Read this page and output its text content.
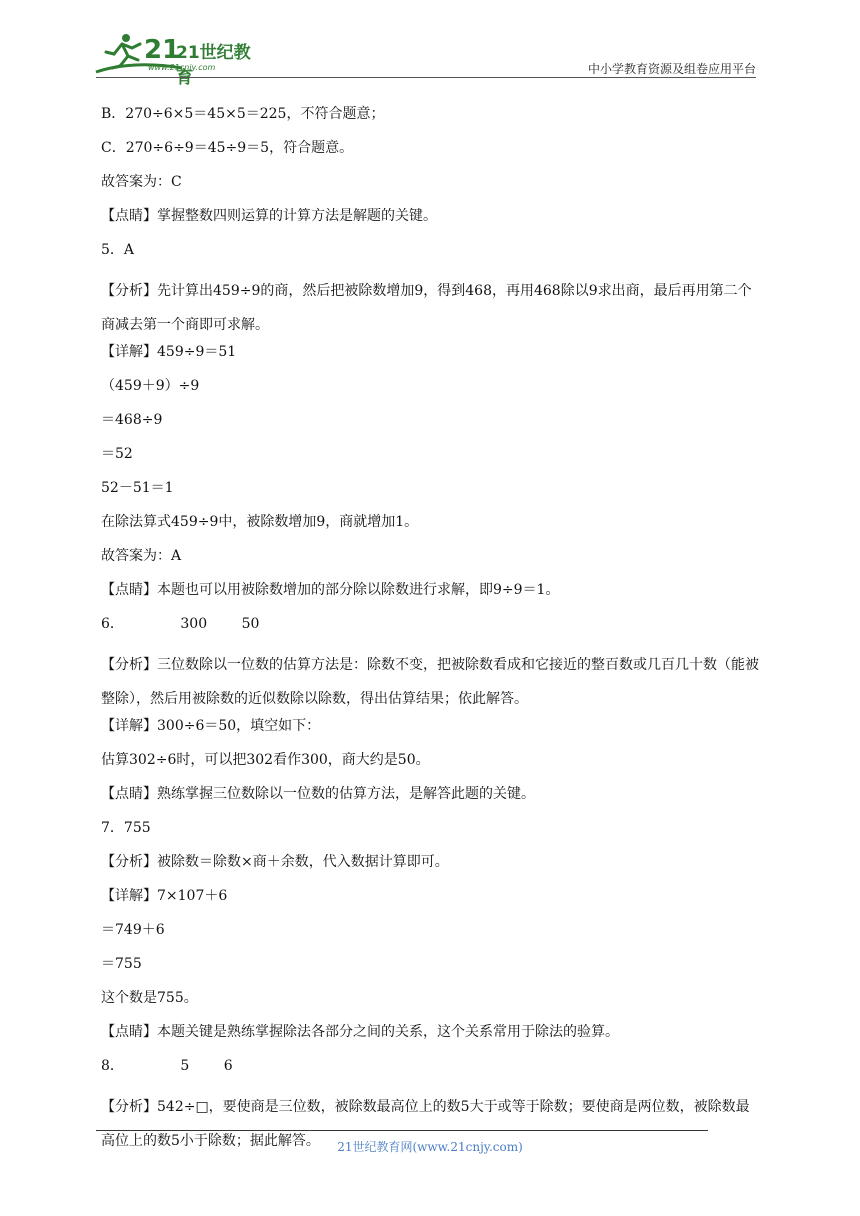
21
21世纪教育
www.21cnjy.com	中小学教育资源及组卷应用平台
B．270÷6×5＝45×5＝225，不符合题意；
C．270÷6÷9＝45÷9＝5，符合题意。
故答案为：C
【点睛】掌握整数四则运算的计算方法是解题的关键。
5．A
【分析】先计算出459÷9的商，然后把被除数增加9，得到468，再用468除以9求出商，最后再用第二个商减去第一个商即可求解。
【详解】459÷9＝51
（459＋9）÷9
＝468÷9
＝52
52－51＝1
在除法算式459÷9中，被除数增加9，商就增加1。
故答案为：A
【点睛】本题也可以用被除数增加的部分除以除数进行求解，即9÷9＝1。
6．	300 50
【分析】三位数除以一位数的估算方法是：除数不变，把被除数看成和它接近的整百数或几百几十数（能被整除），然后用被除数的近似数除以除数，得出估算结果；依此解答。
【详解】300÷6＝50，填空如下：
估算302÷6时，可以把302看作300，商大约是50。
【点睛】熟练掌握三位数除以一位数的估算方法，是解答此题的关键。
7．755
【分析】被除数＝除数×商＋余数，代入数据计算即可。
【详解】7×107＋6
＝749＋6
＝755
这个数是755。
【点睛】本题关键是熟练掌握除法各部分之间的关系，这个关系常用于除法的验算。
8．	5 6
【分析】542÷□，要使商是三位数，被除数最高位上的数5大于或等于除数；要使商是两位数，被除数最高位上的数5小于除数；据此解答。	21世纪教育网(www.21cnjy.com)
